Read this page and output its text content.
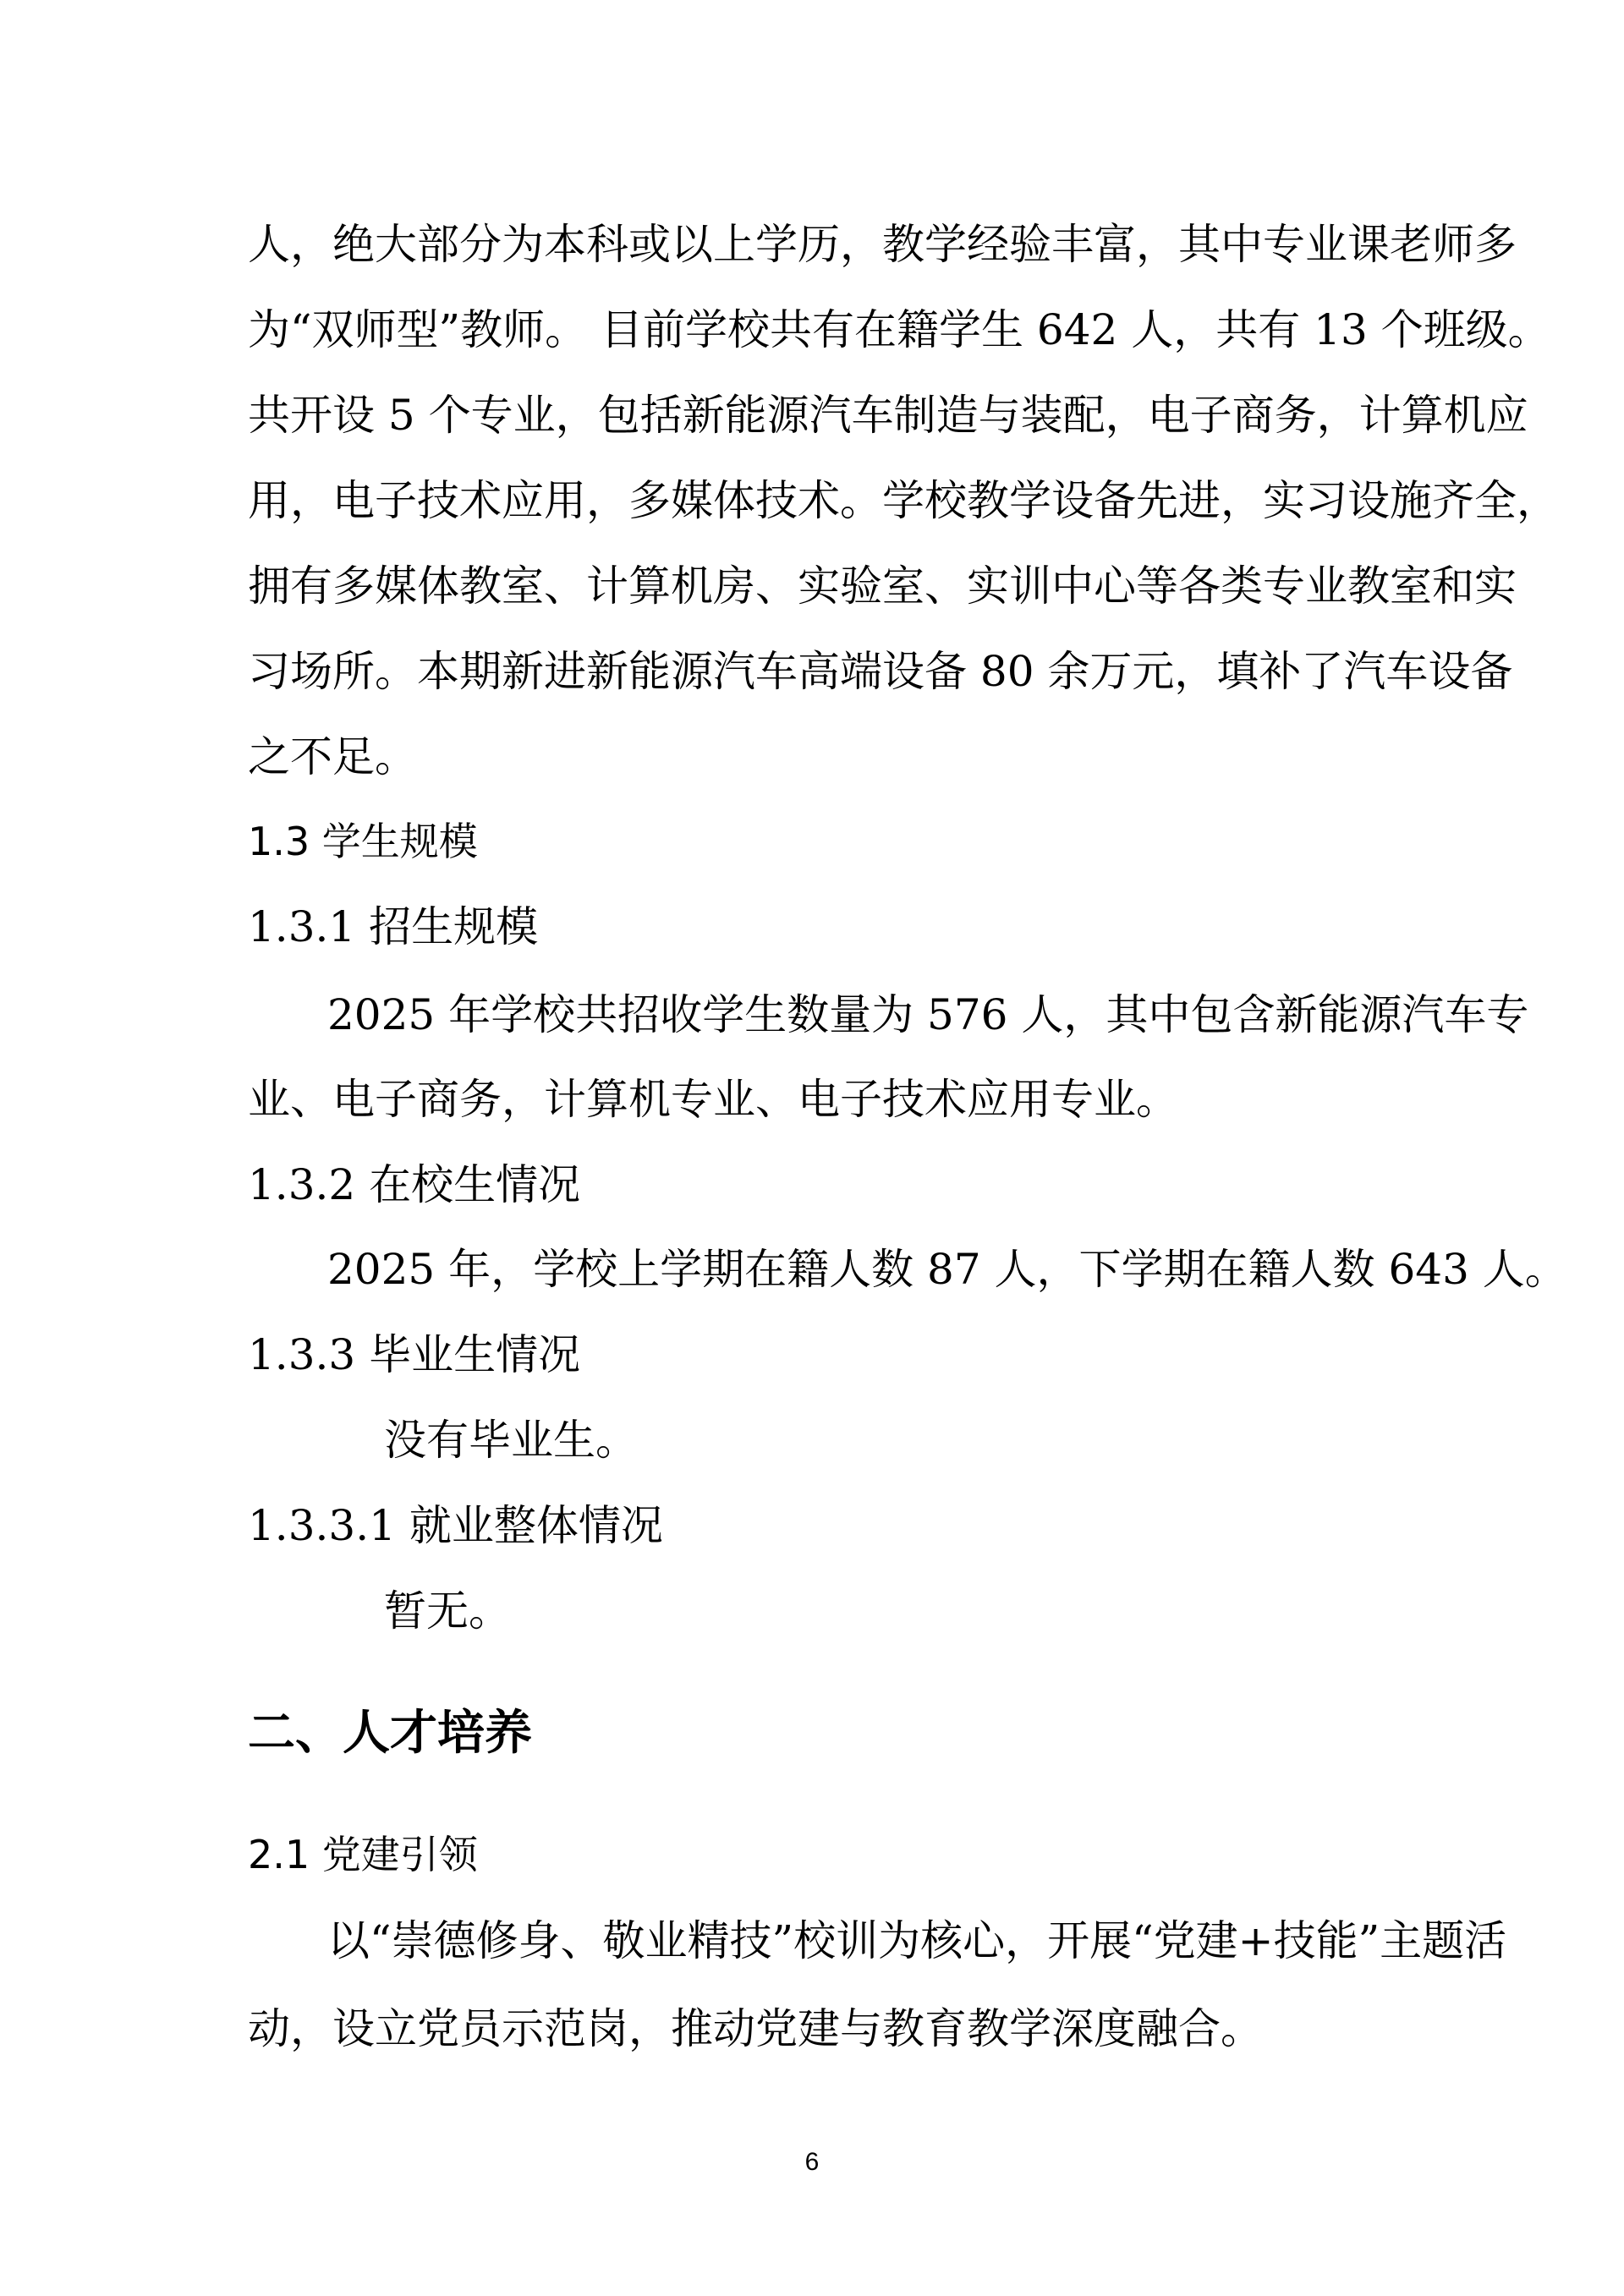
人，绝大部分为本科或以上学历，教学经验丰富，其中专业课老师多
为“双师型”教师。 目前学校共有在籍学生 642 人，共有 13 个班级。
共开设 5 个专业，包括新能源汽车制造与装配，电子商务，计算机应
用，电子技术应用，多媒体技术。学校教学设备先进，实习设施齐全，
拥有多媒体教室、计算机房、实验室、实训中心等各类专业教室和实
习场所。本期新进新能源汽车高端设备 80 余万元，填补了汽车设备
之不足。
1.3 学生规模
1.3.1 招生规模
2025 年学校共招收学生数量为 576 人，其中包含新能源汽车专
业、电子商务，计算机专业、电子技术应用专业。
1.3.2 在校生情况
2025 年，学校上学期在籍人数 87 人，下学期在籍人数 643 人。
1.3.3 毕业生情况
没有毕业生。
1.3.3.1 就业整体情况
暂无。
二、人才培养
2.1 党建引领
以“崇德修身、敬业精技”校训为核心，开展“党建+技能”主题活
动，设立党员示范岗，推动党建与教育教学深度融合。
6
